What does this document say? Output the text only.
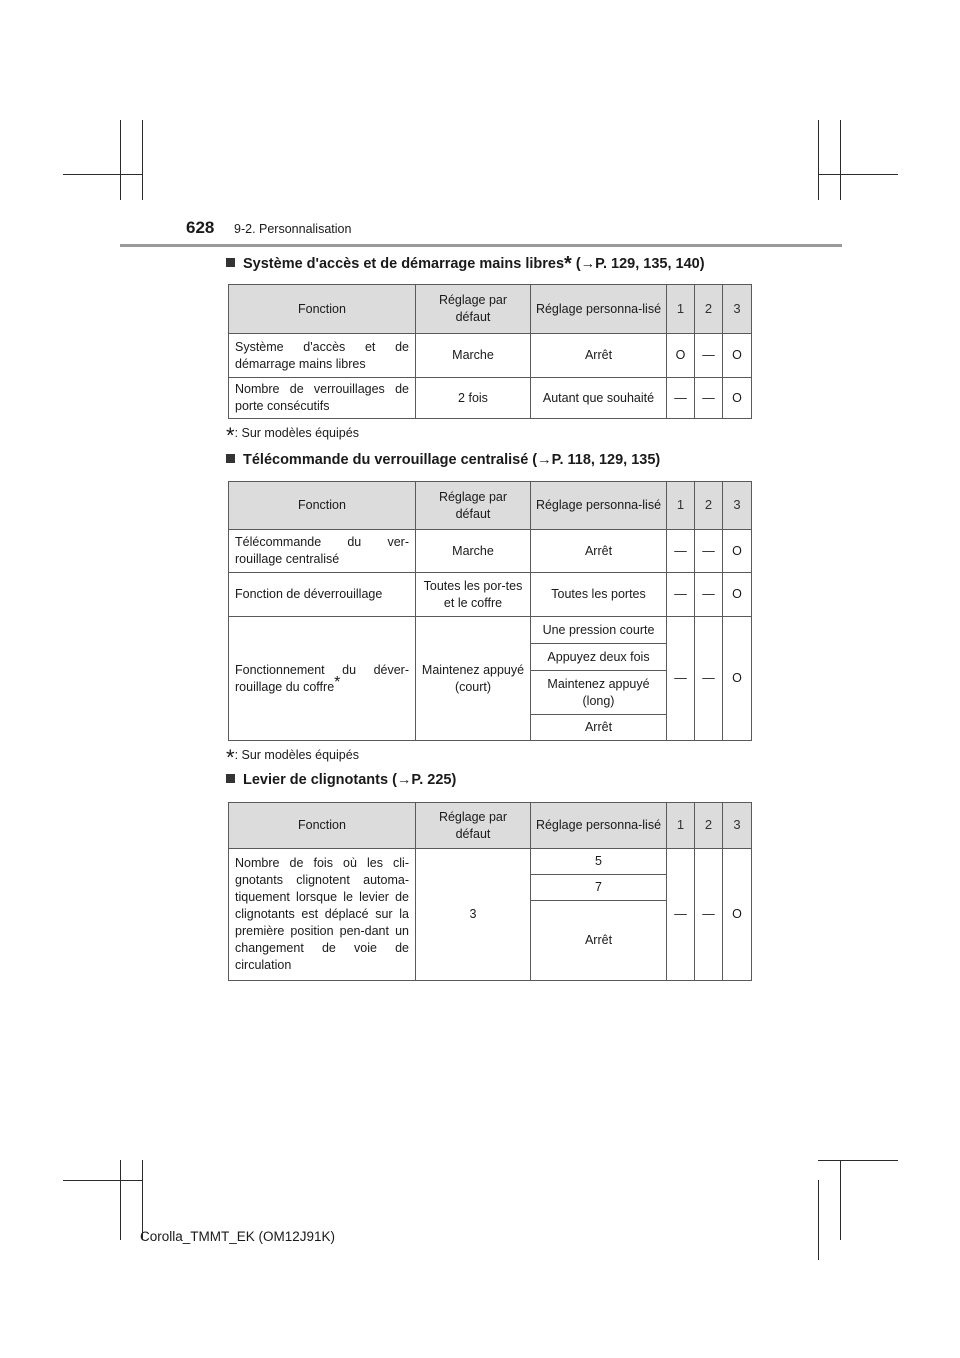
628 9-2. Personnalisation
Système d'accès et de démarrage mains libres* (→P. 129, 135, 140)
Fonction	Réglage par défaut	Réglage personna-lisé	1	2	3
Système d'accès et de démarrage mains libres	Marche	Arrêt	O	—	O
Nombre de verrouillages de porte consécutifs	2 fois	Autant que souhaité	—	—	O
*: Sur modèles équipés
Télécommande du verrouillage centralisé (→P. 118, 129, 135)
Fonction	Réglage par défaut	Réglage personna-lisé	1	2	3
Télécommande du ver-rouillage centralisé	Marche	Arrêt	—	—	O
Fonction de déverrouillage	Toutes les por-tes et le coffre	Toutes les portes	—	—	O
Fonctionnement du déver-rouillage du coffre*	Maintenez appuyé (court)	Une pression courte	—	—	O
		Appuyez deux fois			
		Maintenez appuyé (long)			
		Arrêt			
*: Sur modèles équipés
Levier de clignotants (→P. 225)
Fonction	Réglage par défaut	Réglage personna-lisé	1	2	3
Nombre de fois où les cli-gnotants clignotent automa-tiquement lorsque le levier de clignotants est déplacé sur la première position pen-dant un changement de voie de circulation	3	5	—	—	O
		7			
		Arrêt			
Corolla_TMMT_EK (OM12J91K)
